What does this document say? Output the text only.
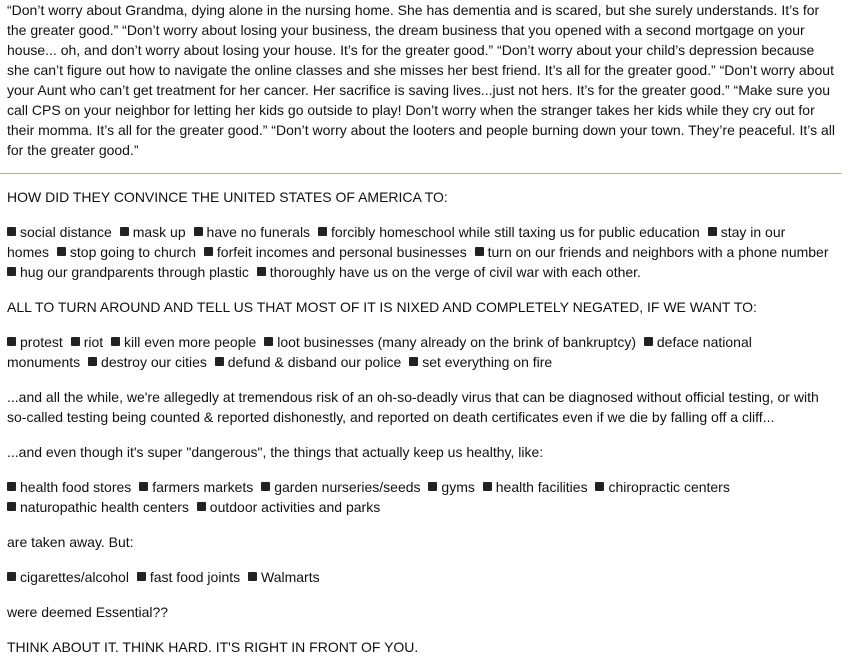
“Don’t worry about Grandma, dying alone in the nursing home. She has dementia and is scared, but she surely understands. It’s for
the greater good.” “Don’t worry about losing your business, the dream business that you opened with a second mortgage on your
house... oh, and don’t worry about losing your house. It’s for the greater good.” “Don’t worry about your child’s depression because
she can’t figure out how to navigate the online classes and she misses her best friend. It’s all for the greater good.” “Don’t worry about
your Aunt who can’t get treatment for her cancer. Her sacrifice is saving lives...just not hers. It’s for the greater good.” “Make sure you
call CPS on your neighbor for letting her kids go outside to play! Don’t worry when the stranger takes her kids while they cry out for
their momma. It’s all for the greater good.” “Don’t worry about the looters and people burning down your town. They’re peaceful. It’s all
for the greater good.”
HOW DID THEY CONVINCE THE UNITED STATES OF AMERICA TO:
social distance mask up have no funerals forcibly homeschool while still taxing us for public education stay in our
homes stop going to church forfeit incomes and personal businesses turn on our friends and neighbors with a phone number
hug our grandparents through plastic thoroughly have us on the verge of civil war with each other.
ALL TO TURN AROUND AND TELL US THAT MOST OF IT IS NIXED AND COMPLETELY NEGATED, IF WE WANT TO:
protest riot kill even more people loot businesses (many already on the brink of bankruptcy) deface national
monuments destroy our cities defund & disband our police set everything on fire
...and all the while, we're allegedly at tremendous risk of an oh-so-deadly virus that can be diagnosed without official testing, or with
so-called testing being counted & reported dishonestly, and reported on death certificates even if we die by falling off a cliff...
...and even though it's super "dangerous", the things that actually keep us healthy, like:
health food stores farmers markets garden nurseries/seeds gyms health facilities chiropractic centers
naturopathic health centers outdoor activities and parks
are taken away. But:
cigarettes/alcohol fast food joints Walmarts
were deemed Essential??
THINK ABOUT IT. THINK HARD. IT'S RIGHT IN FRONT OF YOU.
